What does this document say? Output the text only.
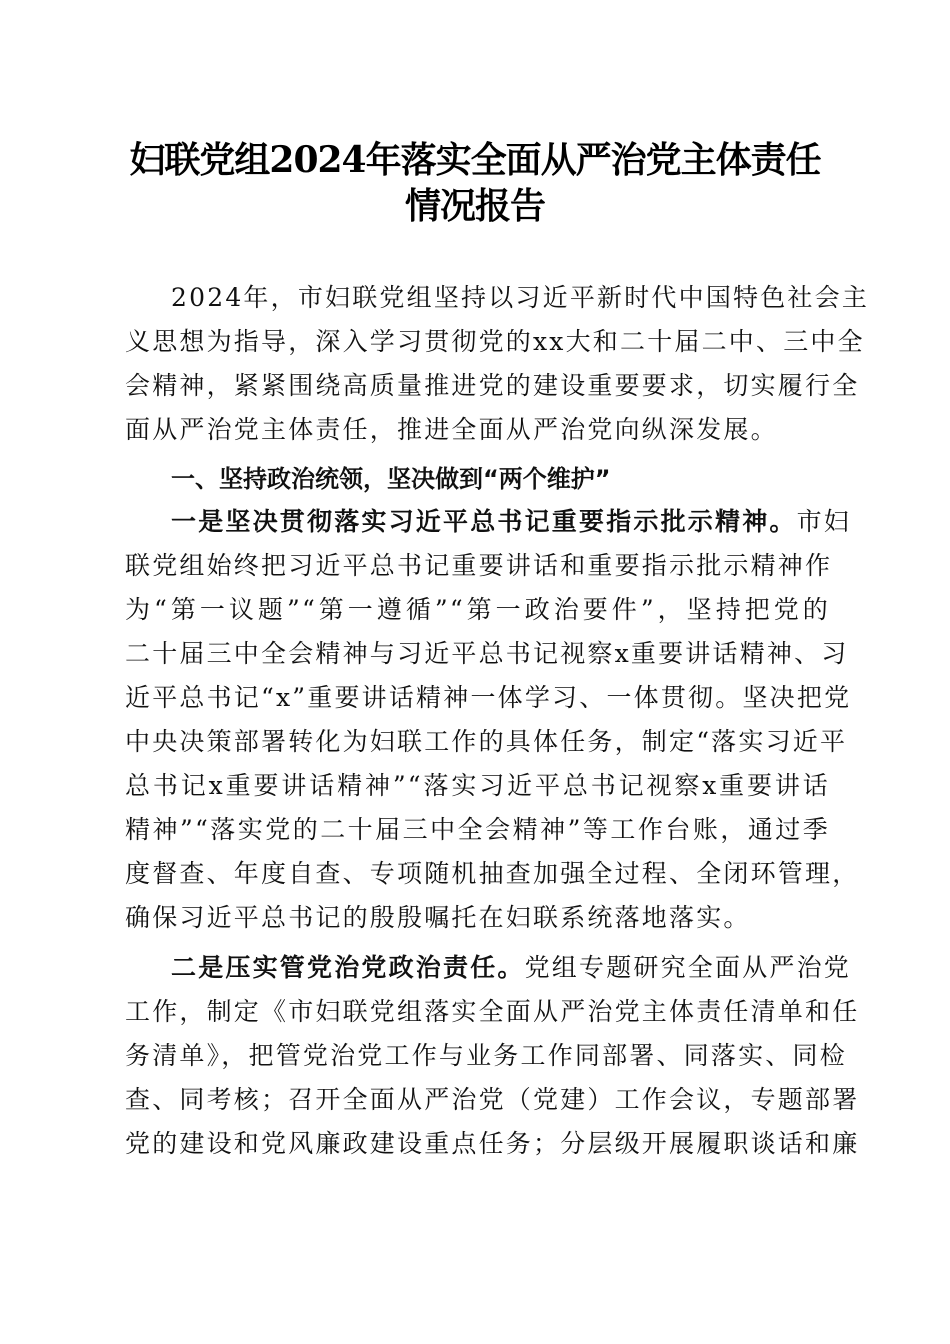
妇联党组2024年落实全面从严治党主体责任
情况报告
2024年，市妇联党组坚持以习近平新时代中国特色社会主
义思想为指导，深入学习贯彻党的xx大和二十届二中、三中全
会精神，紧紧围绕高质量推进党的建设重要要求，切实履行全
面从严治党主体责任，推进全面从严治党向纵深发展。
一、坚持政治统领，坚决做到“两个维护”
一是坚决贯彻落实习近平总书记重要指示批示精神。市妇
联党组始终把习近平总书记重要讲话和重要指示批示精神作
为“第一议题”“第一遵循”“第一政治要件”，坚持把党的
二十届三中全会精神与习近平总书记视察x重要讲话精神、习
近平总书记“x”重要讲话精神一体学习、一体贯彻。坚决把党
中央决策部署转化为妇联工作的具体任务，制定“落实习近平
总书记x重要讲话精神”“落实习近平总书记视察x重要讲话
精神”“落实党的二十届三中全会精神”等工作台账，通过季
度督查、年度自查、专项随机抽查加强全过程、全闭环管理，
确保习近平总书记的殷殷嘱托在妇联系统落地落实。
二是压实管党治党政治责任。党组专题研究全面从严治党
工作，制定《市妇联党组落实全面从严治党主体责任清单和任
务清单》，把管党治党工作与业务工作同部署、同落实、同检
查、同考核；召开全面从严治党（党建）工作会议，专题部署
党的建设和党风廉政建设重点任务；分层级开展履职谈话和廉
